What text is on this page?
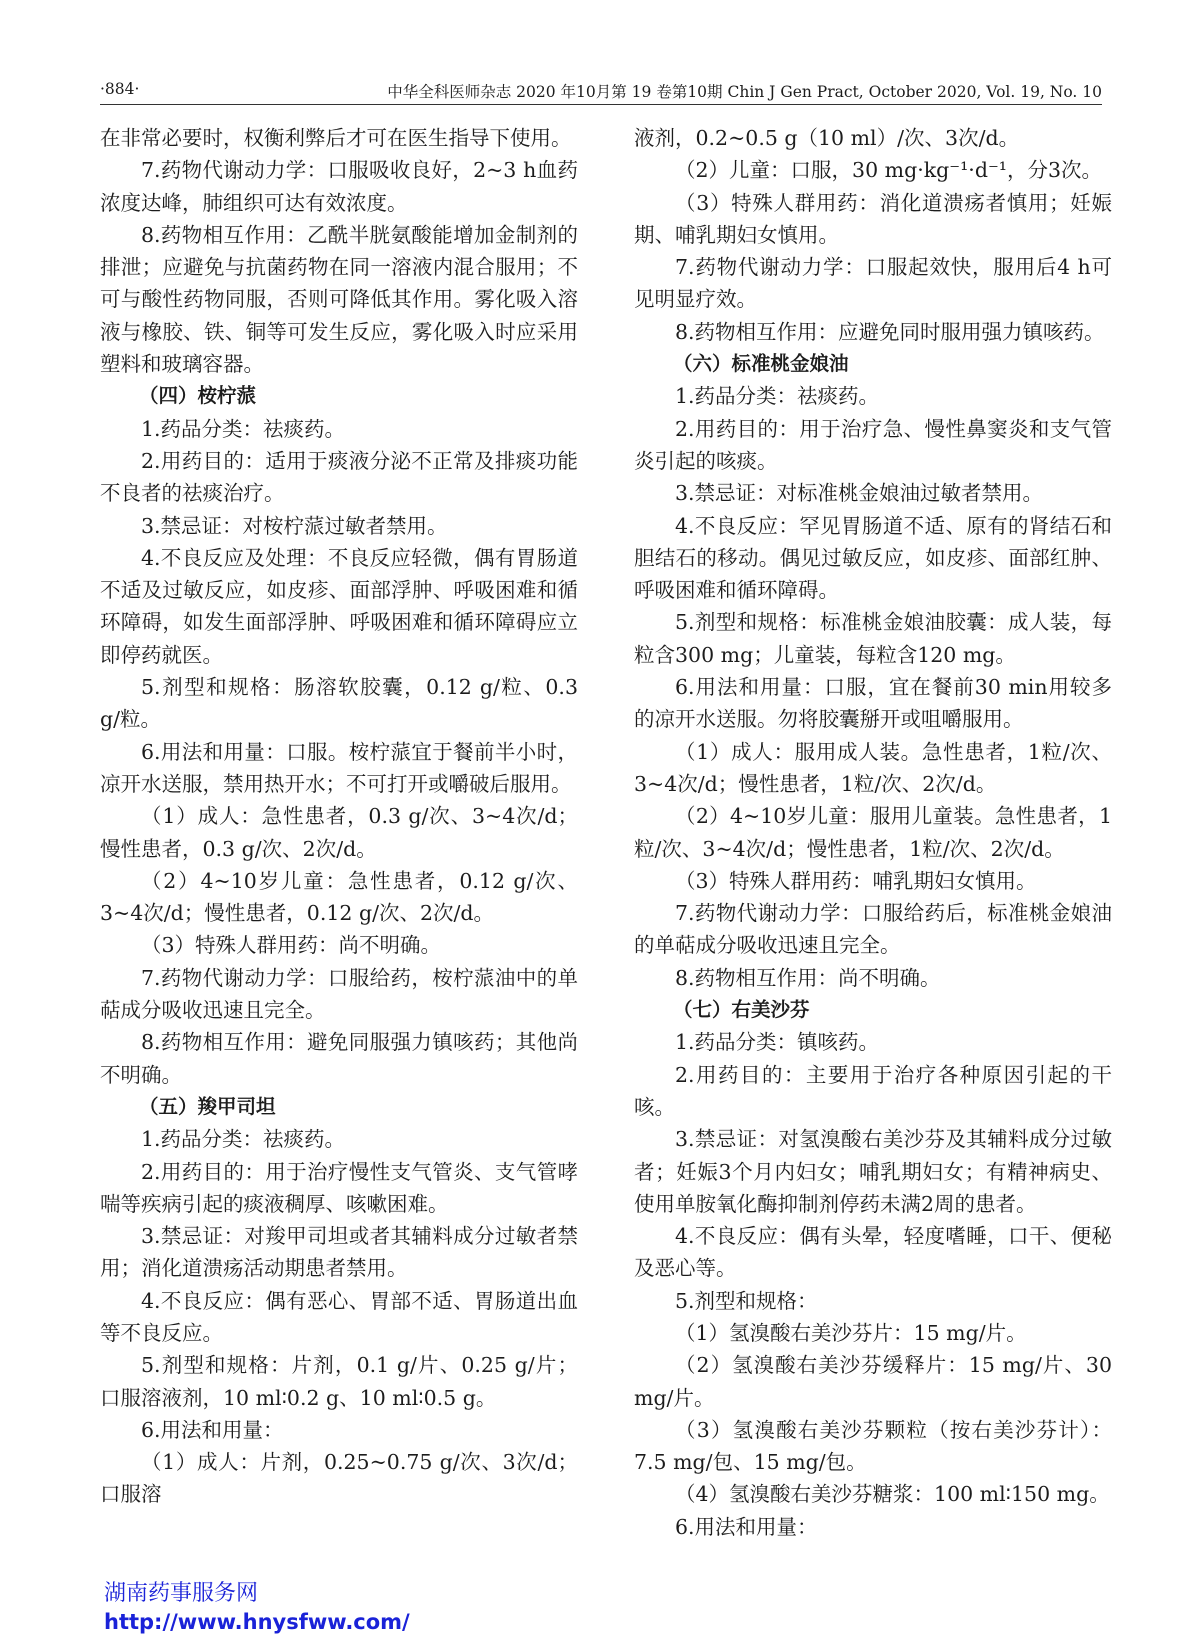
·884·	中华全科医师杂志 2020 年10月第 19 卷第10期 Chin J Gen Pract, October 2020, Vol. 19, No. 10

在非常必要时，权衡利弊后才可在医生指导下使用。

7.药物代谢动力学：口服吸收良好，2~3 h血药浓度达峰，肺组织可达有效浓度。

8.药物相互作用：乙酰半胱氨酸能增加金制剂的排泄；应避免与抗菌药物在同一溶液内混合服用；不可与酸性药物同服，否则可降低其作用。雾化吸入溶液与橡胶、铁、铜等可发生反应，雾化吸入时应采用塑料和玻璃容器。

（四）桉柠蒎

1.药品分类：祛痰药。

2.用药目的：适用于痰液分泌不正常及排痰功能不良者的祛痰治疗。

3.禁忌证：对桉柠蒎过敏者禁用。

4.不良反应及处理：不良反应轻微，偶有胃肠道不适及过敏反应，如皮疹、面部浮肿、呼吸困难和循环障碍，如发生面部浮肿、呼吸困难和循环障碍应立即停药就医。

5.剂型和规格：肠溶软胶囊，0.12 g/粒、0.3 g/粒。

6.用法和用量：口服。桉柠蒎宜于餐前半小时，凉开水送服，禁用热开水；不可打开或嚼破后服用。

（1）成人：急性患者，0.3 g/次、3~4次/d；慢性患者，0.3 g/次、2次/d。

（2）4~10岁儿童：急性患者，0.12 g/次、3~4次/d；慢性患者，0.12 g/次、2次/d。

（3）特殊人群用药：尚不明确。

7.药物代谢动力学：口服给药，桉柠蒎油中的单萜成分吸收迅速且完全。

8.药物相互作用：避免同服强力镇咳药；其他尚不明确。

（五）羧甲司坦

1.药品分类：祛痰药。

2.用药目的：用于治疗慢性支气管炎、支气管哮喘等疾病引起的痰液稠厚、咳嗽困难。

3.禁忌证：对羧甲司坦或者其辅料成分过敏者禁用；消化道溃疡活动期患者禁用。

4.不良反应：偶有恶心、胃部不适、胃肠道出血等不良反应。

5.剂型和规格：片剂，0.1 g/片、0.25 g/片；口服溶液剂，10 ml∶0.2 g、10 ml∶0.5 g。

6.用法和用量：

（1）成人：片剂，0.25~0.75 g/次、3次/d；口服溶

液剂，0.2~0.5 g（10 ml）/次、3次/d。

（2）儿童：口服，30 mg·kg⁻¹·d⁻¹，分3次。

（3）特殊人群用药：消化道溃疡者慎用；妊娠期、哺乳期妇女慎用。

7.药物代谢动力学：口服起效快，服用后4 h可见明显疗效。

8.药物相互作用：应避免同时服用强力镇咳药。

（六）标准桃金娘油

1.药品分类：祛痰药。

2.用药目的：用于治疗急、慢性鼻窦炎和支气管炎引起的咳痰。

3.禁忌证：对标准桃金娘油过敏者禁用。

4.不良反应：罕见胃肠道不适、原有的肾结石和胆结石的移动。偶见过敏反应，如皮疹、面部红肿、呼吸困难和循环障碍。

5.剂型和规格：标准桃金娘油胶囊：成人装，每粒含300 mg；儿童装，每粒含120 mg。

6.用法和用量：口服，宜在餐前30 min用较多的凉开水送服。勿将胶囊掰开或咀嚼服用。

（1）成人：服用成人装。急性患者，1粒/次、3~4次/d；慢性患者，1粒/次、2次/d。

（2）4~10岁儿童：服用儿童装。急性患者，1粒/次、3~4次/d；慢性患者，1粒/次、2次/d。

（3）特殊人群用药：哺乳期妇女慎用。

7.药物代谢动力学：口服给药后，标准桃金娘油的单萜成分吸收迅速且完全。

8.药物相互作用：尚不明确。

（七）右美沙芬

1.药品分类：镇咳药。

2.用药目的：主要用于治疗各种原因引起的干咳。

3.禁忌证：对氢溴酸右美沙芬及其辅料成分过敏者；妊娠3个月内妇女；哺乳期妇女；有精神病史、使用单胺氧化酶抑制剂停药未满2周的患者。

4.不良反应：偶有头晕，轻度嗜睡，口干、便秘及恶心等。

5.剂型和规格：

（1）氢溴酸右美沙芬片：15 mg/片。

（2）氢溴酸右美沙芬缓释片：15 mg/片、30 mg/片。

（3）氢溴酸右美沙芬颗粒（按右美沙芬计）：7.5 mg/包、15 mg/包。

（4）氢溴酸右美沙芬糖浆：100 ml∶150 mg。

6.用法和用量：

湖南药事服务网
http://www.hnysfww.com/
